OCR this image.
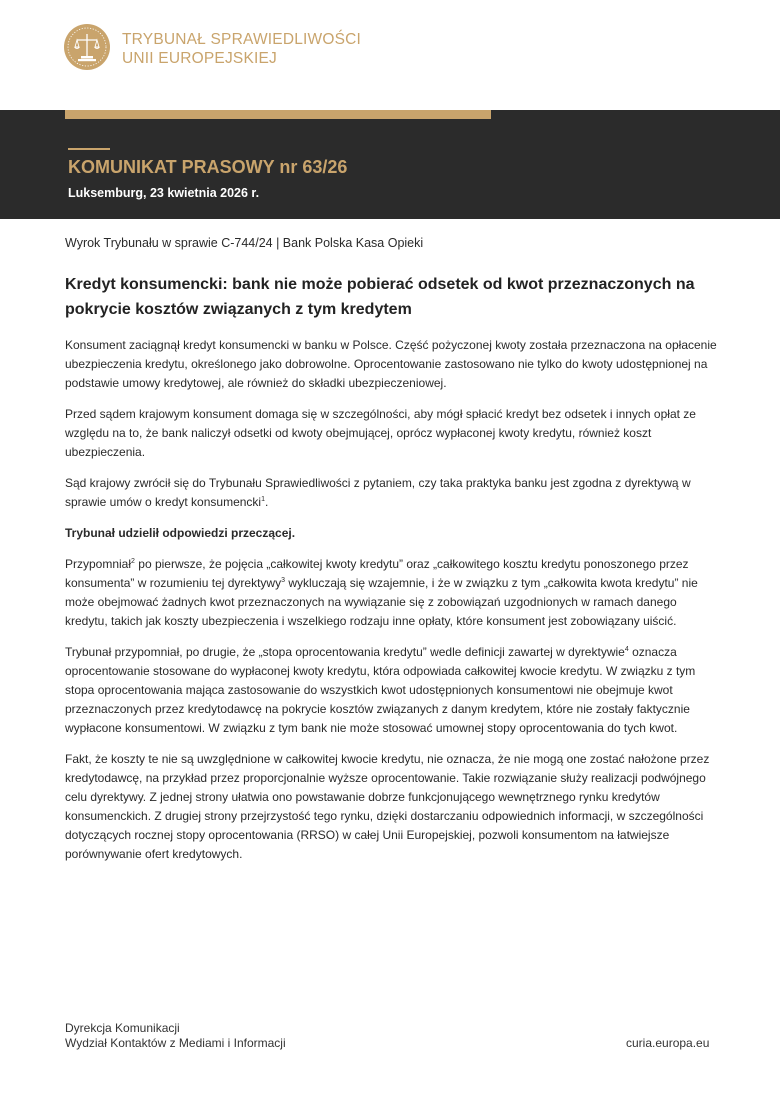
TRYBUNAŁ SPRAWIEDLIWOŚCI
UNII EUROPEJSKIEJ
KOMUNIKAT PRASOWY nr 63/26
Luksemburg, 23 kwietnia 2026 r.
Wyrok Trybunału w sprawie C-744/24 | Bank Polska Kasa Opieki
Kredyt konsumencki: bank nie może pobierać odsetek od kwot przeznaczonych na pokrycie kosztów związanych z tym kredytem

Konsument zaciągnął kredyt konsumencki w banku w Polsce. Część pożyczonej kwoty została przeznaczona na opłacenie ubezpieczenia kredytu, określonego jako dobrowolne. Oprocentowanie zastosowano nie tylko do kwoty udostępnionej na podstawie umowy kredytowej, ale również do składki ubezpieczeniowej.

Przed sądem krajowym konsument domaga się w szczególności, aby mógł spłacić kredyt bez odsetek i innych opłat ze względu na to, że bank naliczył odsetki od kwoty obejmującej, oprócz wypłaconej kwoty kredytu, również koszt ubezpieczenia.

Sąd krajowy zwrócił się do Trybunału Sprawiedliwości z pytaniem, czy taka praktyka banku jest zgodna z dyrektywą w sprawie umów o kredyt konsumencki$^1$.

Trybunał udzielił odpowiedzi przeczącej.

Przypomniał$^2$ po pierwsze, że pojęcia „całkowitej kwoty kredytu” oraz „całkowitego kosztu kredytu ponoszonego przez konsumenta” w rozumieniu tej dyrektywy$^3$ wykluczają się wzajemnie, i że w związku z tym „całkowita kwota kredytu” nie może obejmować żadnych kwot przeznaczonych na wywiązanie się z zobowiązań uzgodnionych w ramach danego kredytu, takich jak koszty ubezpieczenia i wszelkiego rodzaju inne opłaty, które konsument jest zobowiązany uiścić.

Trybunał przypomniał, po drugie, że „stopa oprocentowania kredytu” wedle definicji zawartej w dyrektywie$^4$ oznacza oprocentowanie stosowane do wypłaconej kwoty kredytu, która odpowiada całkowitej kwocie kredytu. W związku z tym stopa oprocentowania mająca zastosowanie do wszystkich kwot udostępnionych konsumentowi nie obejmuje kwot przeznaczonych przez kredytodawcę na pokrycie kosztów związanych z danym kredytem, które nie zostały faktycznie wypłacone konsumentowi. W związku z tym bank nie może stosować umownej stopy oprocentowania do tych kwot.

Fakt, że koszty te nie są uwzględnione w całkowitej kwocie kredytu, nie oznacza, że nie mogą one zostać nałożone przez kredytodawcę, na przykład przez proporcjonalnie wyższe oprocentowanie. Takie rozwiązanie służy realizacji podwójnego celu dyrektywy. Z jednej strony ułatwia ono powstawanie dobrze funkcjonującego wewnętrznego rynku kredytów konsumenckich. Z drugiej strony przejrzystość tego rynku, dzięki dostarczaniu odpowiednich informacji, w szczególności dotyczących rocznej stopy oprocentowania (RRSO) w całej Unii Europejskiej, pozwoli konsumentom na łatwiejsze porównywanie ofert kredytowych.

Dyrekcja Komunikacji
Wydział Kontaktów z Mediami i Informacji	curia.europa.eu
